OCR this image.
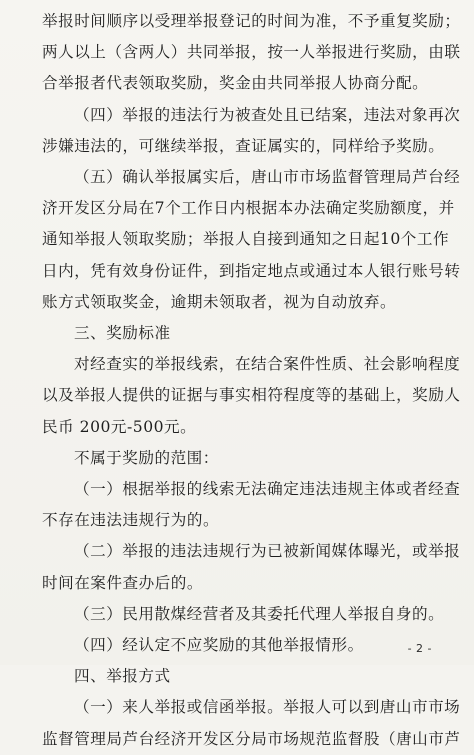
举报时间顺序以受理举报登记的时间为准，不予重复奖励；
两人以上（含两人）共同举报，按一人举报进行奖励，由联
合举报者代表领取奖励，奖金由共同举报人协商分配。
（四）举报的违法行为被查处且已结案，违法对象再次
涉嫌违法的，可继续举报，查证属实的，同样给予奖励。
（五）确认举报属实后，唐山市市场监督管理局芦台经
济开发区分局在7个工作日内根据本办法确定奖励额度，并
通知举报人领取奖励；举报人自接到通知之日起10个工作
日内，凭有效身份证件，到指定地点或通过本人银行账号转
账方式领取奖金，逾期未领取者，视为自动放弃。
三、奖励标准
对经查实的举报线索，在结合案件性质、社会影响程度
以及举报人提供的证据与事实相符程度等的基础上，奖励人
民币 200元-500元。
不属于奖励的范围：
（一）根据举报的线索无法确定违法违规主体或者经查
不存在违法违规行为的。
（二）举报的违法违规行为已被新闻媒体曝光，或举报
时间在案件查办后的。
（三）民用散煤经营者及其委托代理人举报自身的。
（四）经认定不应奖励的其他举报情形。
四、举报方式
（一）来人举报或信函举报。举报人可以到唐山市市场
监督管理局芦台经济开发区分局市场规范监督股（唐山市芦
- 2 -
